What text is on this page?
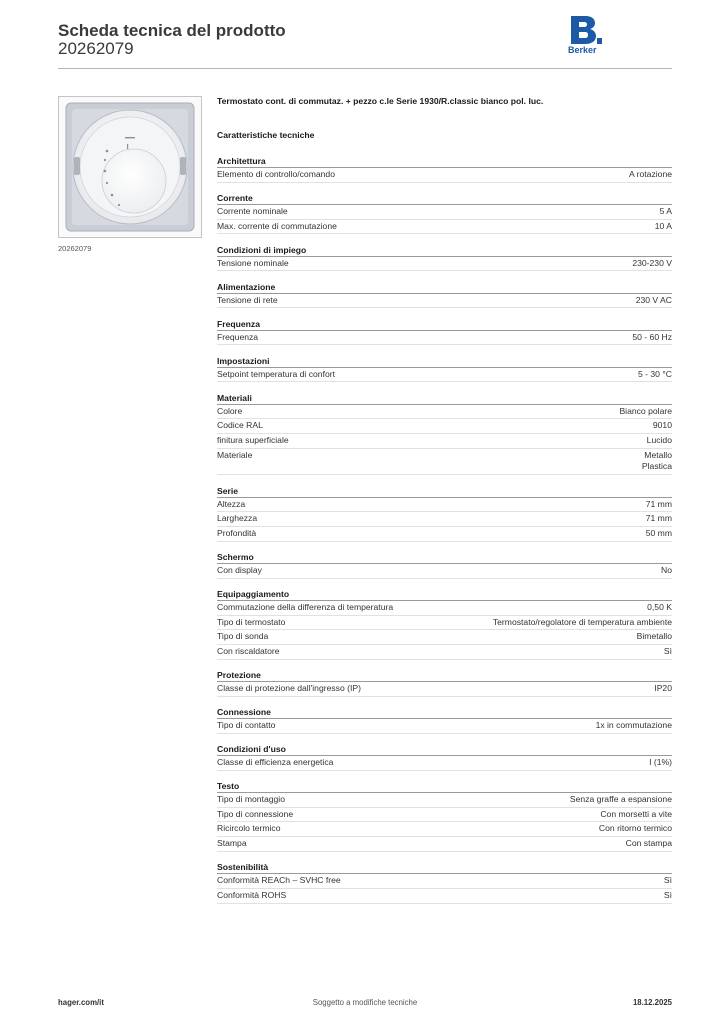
Scheda tecnica del prodotto
20262079	Berker
20262079
Termostato cont. di commutaz. + pezzo c.le Serie 1930/R.classic bianco pol. luc.
Caratteristiche tecniche
Architettura
Elemento di controllo/comando	A rotazione
Corrente
Corrente nominale	5 A
Max. corrente di commutazione	10 A
Condizioni di impiego
Tensione nominale	230-230 V
Alimentazione
Tensione di rete	230 V AC
Frequenza
Frequenza	50 - 60 Hz
Impostazioni
Setpoint temperatura di confort	5 - 30 °C
Materiali
Colore	Bianco polare
Codice RAL	9010
finitura superficiale	Lucido
Materiale	Metallo
Plastica
Serie
Altezza	71 mm
Larghezza	71 mm
Profondità	50 mm
Schermo
Con display	No
Equipaggiamento
Commutazione della differenza di temperatura	0,50 K
Tipo di termostato	Termostato/regolatore di temperatura ambiente
Tipo di sonda	Bimetallo
Con riscaldatore	Sì
Protezione
Classe di protezione dall'ingresso (IP)	IP20
Connessione
Tipo di contatto	1x in commutazione
Condizioni d'uso
Classe di efficienza energetica	I (1%)
Testo
Tipo di montaggio	Senza graffe a espansione
Tipo di connessione	Con morsetti a vite
Ricircolo termico	Con ritorno termico
Stampa	Con stampa
Sostenibilità
Conformità REACh – SVHC free	Sì
Conformità ROHS	Sì
hager.com/it	Soggetto a modifiche tecniche	18.12.2025
